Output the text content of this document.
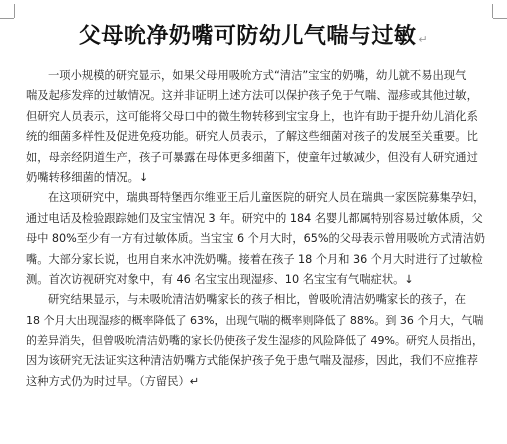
父母吮净奶嘴可防幼儿气喘与过敏 ↵
一项小规模的研究显示，如果父母用吸吮方式“清洁”宝宝的奶嘴，幼儿就不易出现气
喘及起疹发痒的过敏情况。这并非证明上述方法可以保护孩子免于气喘、湿疹或其他过敏，
但研究人员表示，这可能将父母口中的微生物转移到宝宝身上，也许有助于提升幼儿消化系
统的细菌多样性及促进免疫功能。研究人员表示，了解这些细菌对孩子的发展至关重要。比
如，母亲经阴道生产，孩子可暴露在母体更多细菌下，使童年过敏减少，但没有人研究通过
奶嘴转移细菌的情况。↓
在这项研究中，瑞典哥特堡西尔维亚王后儿童医院的研究人员在瑞典一家医院募集孕妇，
通过电话及检验跟踪她们及宝宝情况 3 年。研究中的 184 名婴儿都属特别容易过敏体质，父
母中 80%至少有一方有过敏体质。当宝宝 6 个月大时，65%的父母表示曾用吸吮方式清洁奶
嘴。大部分家长说，也用自来水冲洗奶嘴。接着在孩子 18 个月和 36 个月大时进行了过敏检
测。首次访视研究对象中，有 46 名宝宝出现湿疹、10 名宝宝有气喘症状。↓
研究结果显示，与未吸吮清洁奶嘴家长的孩子相比，曾吸吮清洁奶嘴家长的孩子，在
18 个月大出现湿疹的概率降低了 63%，出现气喘的概率则降低了 88%。到 36 个月大，气喘
的差异消失，但曾吸吮清洁奶嘴的家长仍使孩子发生湿疹的风险降低了 49%。研究人员指出，
因为该研究无法证实这种清洁奶嘴方式能保护孩子免于患气喘及湿疹，因此，我们不应推荐
这种方式仍为时过早。（方留民）↵
